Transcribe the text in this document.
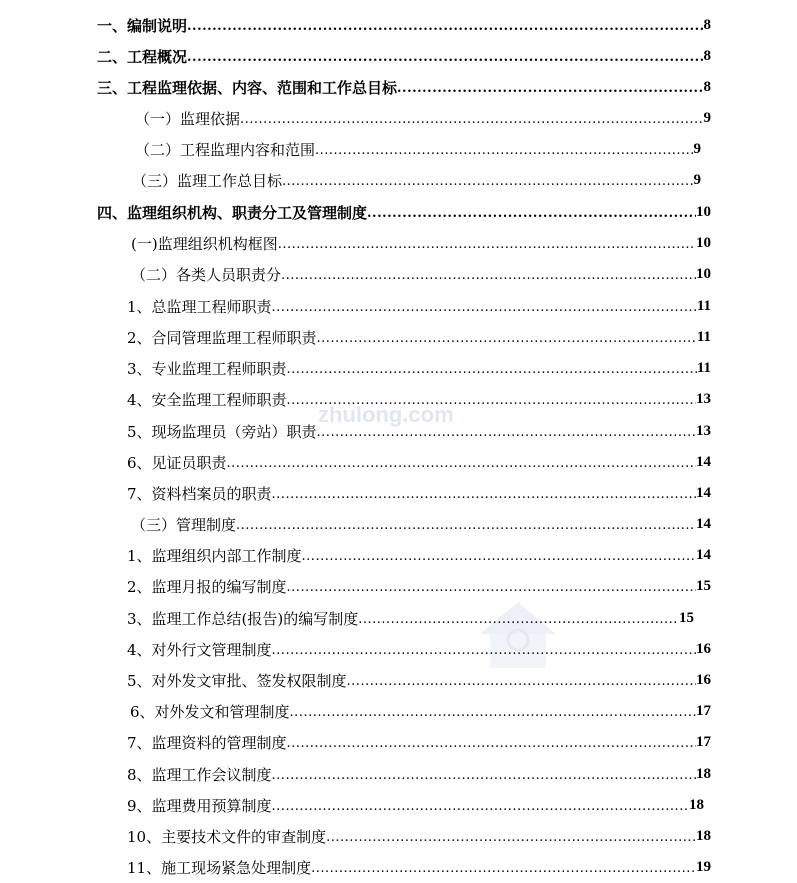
zhulong.com
一、编制说明 .....	8
二、工程概况 .....	8
三、工程监理依据、内容、范围和工作总目标 .....	8
（一）监理依据 .....	9
（二）工程监理内容和范围 .....	9
（三）监理工作总目标 .....	9
四、监理组织机构、职责分工及管理制度 .....	10
(一)监理组织机构框图 .....	10
（二）各类人员职责分 .....	10
1、总监理工程师职责 .....	11
2、合同管理监理工程师职责 .....	11
3、专业监理工程师职责 .....	11
4、安全监理工程师职责 .....	13
5、现场监理员（旁站）职责 .....	13
6、见证员职责 .....	14
7、资料档案员的职责 .....	14
（三）管理制度 .....	14
1、监理组织内部工作制度 .....	14
2、监理月报的编写制度 .....	15
3、监理工作总结(报告)的编写制度 .....	15
4、对外行文管理制度 .....	16
5、对外发文审批、签发权限制度 .....	16
6、对外发文和管理制度 .....	17
7、监理资料的管理制度 .....	17
8、监理工作会议制度 .....	18
9、监理费用预算制度 .....	18
10、主要技术文件的审查制度 .....	18
11、施工现场紧急处理制度 .....	19
